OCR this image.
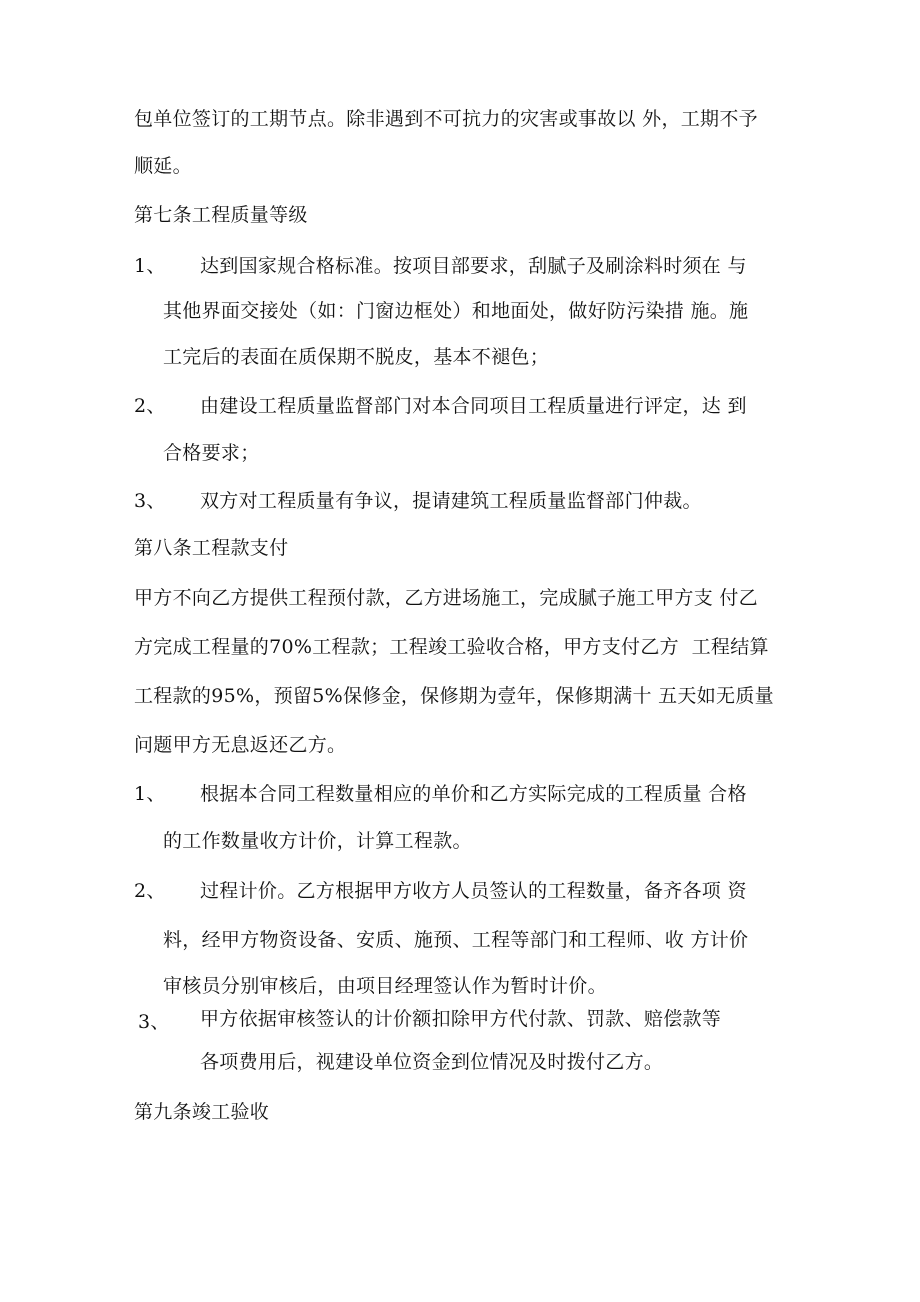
包单位签订的工期节点。除非遇到不可抗力的灾害或事故以 外，工期不予
顺延。
第七条工程质量等级
1、 达到国家规合格标准。按项目部要求，刮腻子及刷涂料时须在 与
其他界面交接处（如：门窗边框处）和地面处，做好防污染措 施。施
工完后的表面在质保期不脱皮，基本不褪色；
2、 由建设工程质量监督部门对本合同项目工程质量进行评定，达 到
合格要求；
3、 双方对工程质量有争议，提请建筑工程质量监督部门仲裁。
第八条工程款支付
甲方不向乙方提供工程预付款，乙方进场施工，完成腻子施工甲方支 付乙
方完成工程量的70%工程款；工程竣工验收合格，甲方支付乙方  工程结算
工程款的95%，预留5%保修金，保修期为壹年，保修期满十 五天如无质量
问题甲方无息返还乙方。
1、 根据本合同工程数量相应的单价和乙方实际完成的工程质量 合格
的工作数量收方计价，计算工程款。
2、 过程计价。乙方根据甲方收方人员签认的工程数量，备齐各项 资
料，经甲方物资设备、安质、施预、工程等部门和工程师、收 方计价
审核员分别审核后，由项目经理签认作为暂时计价。
3、 甲方依据审核签认的计价额扣除甲方代付款、罚款、赔偿款等
各项费用后，视建设单位资金到位情况及时拨付乙方。
第九条竣工验收
